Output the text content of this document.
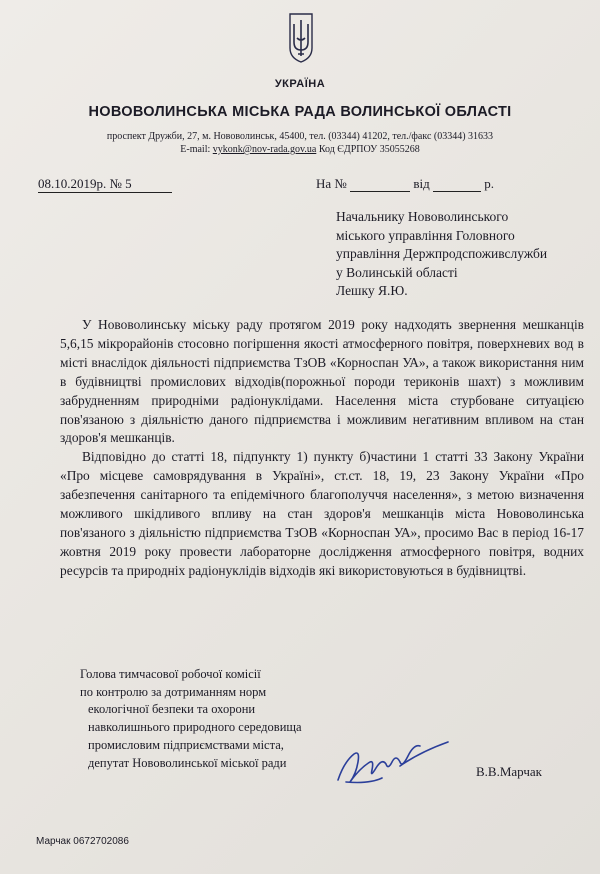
УКРАЇНА
НОВОВОЛИНСЬКА МІСЬКА РАДА ВОЛИНСЬКОЇ ОБЛАСТІ
проспект Дружби, 27, м. Нововолинськ, 45400, тел. (03344) 41202, тел./факс (03344) 31633
E-mail: vykonk@nov-rada.gov.ua Код ЄДРПОУ 35055268
08.10.2019р. № 5	На №	від	р.
Начальнику Нововолинського
міського управління Головного
управління Держпродспоживслужби
у Волинській області
Лешку Я.Ю.

У Нововолинську міську раду протягом 2019 року надходять звернення мешканців 5,6,15 мікрорайонів стосовно погіршення якості атмосферного повітря, поверхневих вод в місті внаслідок діяльності підприємства ТзОВ «Корноспан УА», а також використання ним в будівництві промислових відходів(порожньої породи териконів шахт) з можливим забрудненням природніми радіонуклідами. Населення міста стурбоване ситуацією пов'язаною з діяльністю даного підприємства і можливим негативним впливом на стан здоров'я мешканців.

Відповідно до статті 18, підпункту 1) пункту б)частини 1 статті 33 Закону України «Про місцеве самоврядування в Україні», ст.ст. 18, 19, 23 Закону України «Про забезпечення санітарного та епідемічного благополуччя населення», з метою визначення можливого шкідливого впливу на стан здоров'я мешканців міста Нововолинська пов'язаного з діяльністю підприємства ТзОВ «Корноспан УА», просимо Вас в період 16-17 жовтня 2019 року провести лабораторне дослідження атмосферного повітря, водних ресурсів та природніх радіонуклідів відходів які використовуються в будівництві.

Голова тимчасової робочої комісії
по контролю за дотриманням норм
екологічної безпеки та охорони
навколишнього природного середовища
промисловим підприємствами міста,
депутат Нововолинської міської ради
В.В.Марчак
Марчак 0672702086
